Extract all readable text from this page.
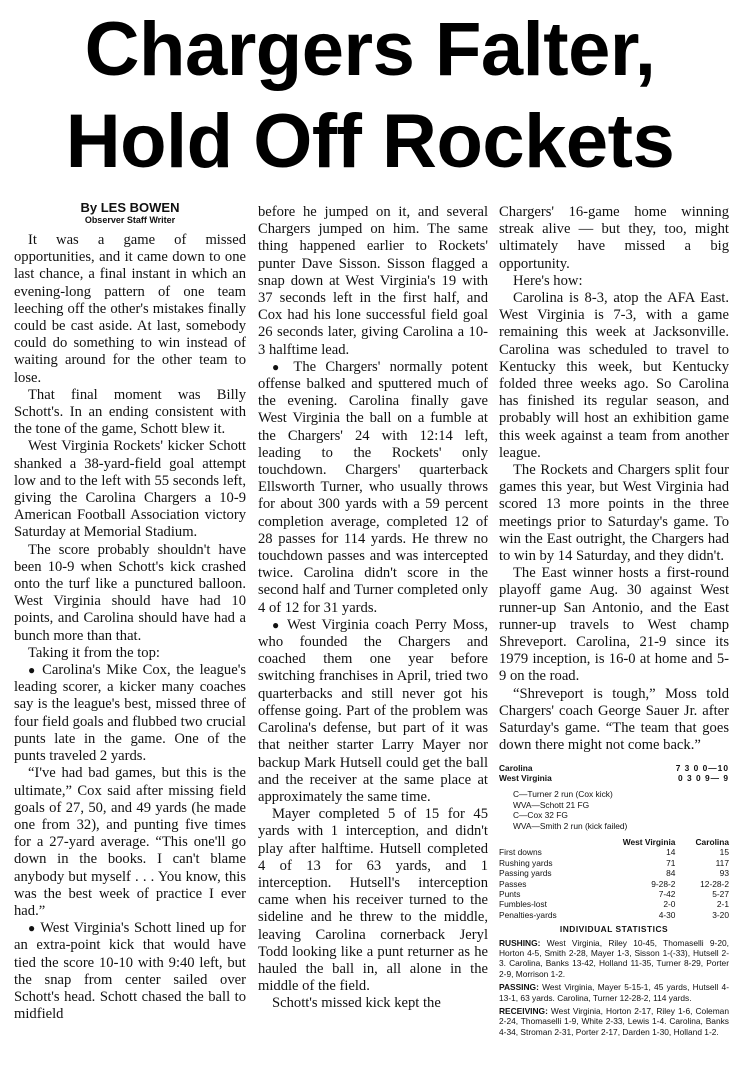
Chargers Falter,
Hold Off Rockets
By LES BOWEN
Observer Staff Writer

It was a game of missed opportunities, and it came down to one last chance, a final instant in which an evening-long pattern of one team leeching off the other's mistakes finally could be cast aside. At last, somebody could do something to win instead of waiting around for the other team to lose.

That final moment was Billy Schott's. In an ending consistent with the tone of the game, Schott blew it.

West Virginia Rockets' kicker Schott shanked a 38-yard-field goal attempt low and to the left with 55 seconds left, giving the Carolina Chargers a 10-9 American Football Association victory Saturday at Memorial Stadium.

The score probably shouldn't have been 10-9 when Schott's kick crashed onto the turf like a punctured balloon. West Virginia should have had 10 points, and Carolina should have had a bunch more than that.

Taking it from the top:

● Carolina's Mike Cox, the league's leading scorer, a kicker many coaches say is the league's best, missed three of four field goals and flubbed two crucial punts late in the game. One of the punts traveled 2 yards.

“I've had bad games, but this is the ultimate,” Cox said after missing field goals of 27, 50, and 49 yards (he made one from 32), and punting five times for a 27-yard average. “This one'll go down in the books. I can't blame anybody but myself . . . You know, this was the best week of practice I ever had.”

● West Virginia's Schott lined up for an extra-point kick that would have tied the score 10-10 with 9:40 left, but the snap from center sailed over Schott's head. Schott chased the ball to midfield

before he jumped on it, and several Chargers jumped on him. The same thing happened earlier to Rockets' punter Dave Sisson. Sisson flagged a snap down at West Virginia's 19 with 37 seconds left in the first half, and Cox had his lone successful field goal 26 seconds later, giving Carolina a 10-3 halftime lead.

● The Chargers' normally potent offense balked and sputtered much of the evening. Carolina finally gave West Virginia the ball on a fumble at the Chargers' 24 with 12:14 left, leading to the Rockets' only touchdown. Chargers' quarterback Ellsworth Turner, who usually throws for about 300 yards with a 59 percent completion average, completed 12 of 28 passes for 114 yards. He threw no touchdown passes and was intercepted twice. Carolina didn't score in the second half and Turner completed only 4 of 12 for 31 yards.

● West Virginia coach Perry Moss, who founded the Chargers and coached them one year before switching franchises in April, tried two quarterbacks and still never got his offense going. Part of the problem was Carolina's defense, but part of it was that neither starter Larry Mayer nor backup Mark Hutsell could get the ball and the receiver at the same place at approximately the same time.

Mayer completed 5 of 15 for 45 yards with 1 interception, and didn't play after halftime. Hutsell completed 4 of 13 for 63 yards, and 1 interception. Hutsell's interception came when his receiver turned to the sideline and he threw to the middle, leaving Carolina cornerback Jeryl Todd looking like a punt returner as he hauled the ball in, all alone in the middle of the field.

Schott's missed kick kept the

Chargers' 16-game home winning streak alive — but they, too, might ultimately have missed a big opportunity.

Here's how:

Carolina is 8-3, atop the AFA East. West Virginia is 7-3, with a game remaining this week at Jacksonville. Carolina was scheduled to travel to Kentucky this week, but Kentucky folded three weeks ago. So Carolina has finished its regular season, and probably will host an exhibition game this week against a team from another league.

The Rockets and Chargers split four games this year, but West Virginia had scored 13 more points in the three meetings prior to Saturday's game. To win the East outright, the Chargers had to win by 14 Saturday, and they didn't.

The East winner hosts a first-round playoff game Aug. 30 against West runner-up San Antonio, and the East runner-up travels to West champ Shreveport. Carolina, 21-9 since its 1979 inception, is 16-0 at home and 5-9 on the road.

“Shreveport is tough,” Moss told Chargers' coach George Sauer Jr. after Saturday's game. “The team that goes down there might not come back.”

Carolina	7 3 0 0—10
West Virginia	0 3 0 9— 9
C—Turner 2 run (Cox kick)
WVA—Schott 21 FG
C—Cox 32 FG
WVA—Smith 2 run (kick failed)
	West Virginia	Carolina
First downs	14	15
Rushing yards	71	117
Passing yards	84	93
Passes	9-28-2	12-28-2
Punts	7-42	5-27
Fumbles-lost	2-0	2-1
Penalties-yards	4-30	3-20
INDIVIDUAL STATISTICS
RUSHING: West Virginia, Riley 10-45, Thomaselli 9-20, Horton 4-5, Smith 2-28, Mayer 1-3, Sisson 1-(-33), Hutsell 2-3. Carolina, Banks 13-42, Holland 11-35, Turner 8-29, Porter 2-9, Morrison 1-2.
PASSING: West Virginia, Mayer 5-15-1, 45 yards, Hutsell 4-13-1, 63 yards. Carolina, Turner 12-28-2, 114 yards.
RECEIVING: West Virginia, Horton 2-17, Riley 1-6, Coleman 2-24, Thomaselli 1-9, White 2-33, Lewis 1-4. Carolina, Banks 4-34, Stroman 2-31, Porter 2-17, Darden 1-30, Holland 1-2.
